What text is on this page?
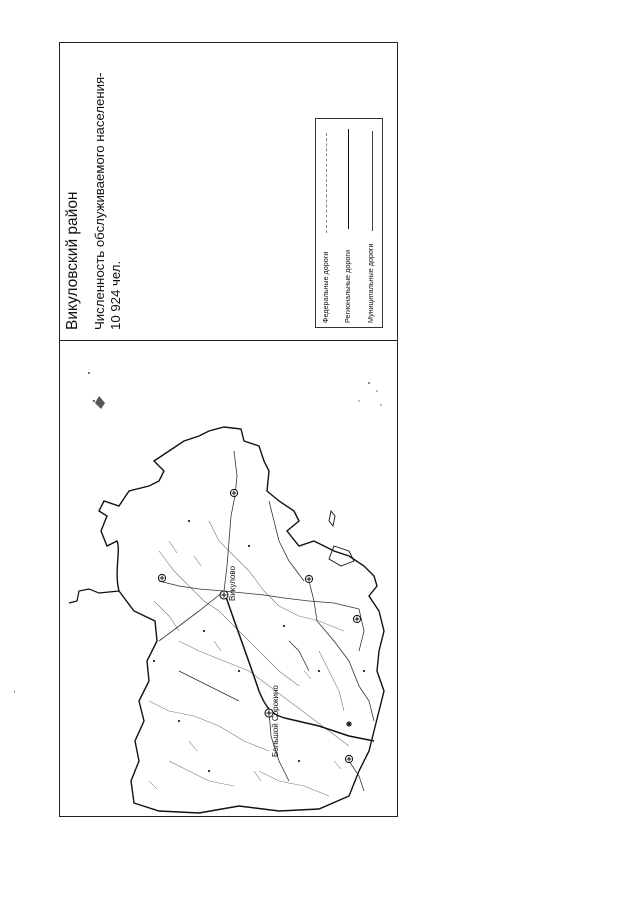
Викуловский район Численность обслуживаемого населения- 10 924 чел.	Федеральные дороги Региональные дороги Муниципальные дороги
Викулово
Большой Сорокино
